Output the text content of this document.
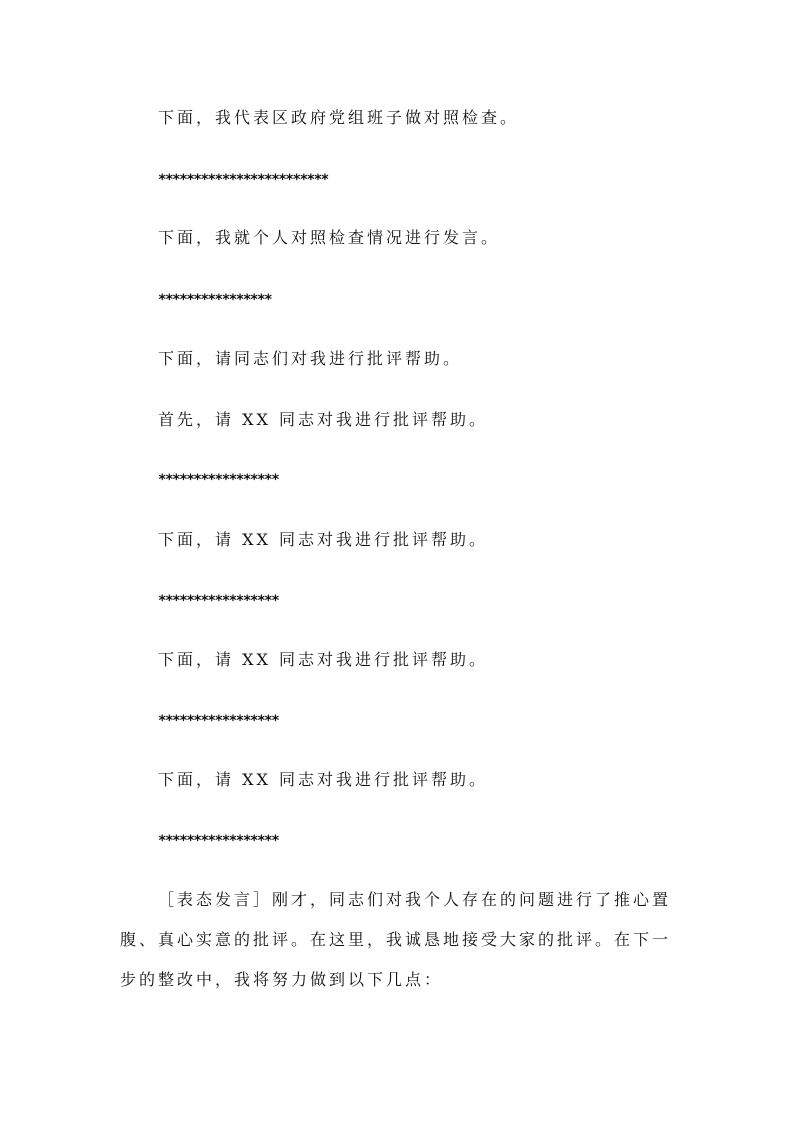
下面，我代表区政府党组班子做对照检查。
************************
下面，我就个人对照检查情况进行发言。
****************
下面，请同志们对我进行批评帮助。
首先，请 XX 同志对我进行批评帮助。
*****************
下面，请 XX 同志对我进行批评帮助。
*****************
下面，请 XX 同志对我进行批评帮助。
*****************
下面，请 XX 同志对我进行批评帮助。
*****************
［表态发言］刚才，同志们对我个人存在的问题进行了推心置腹、真心实意的批评。在这里，我诚恳地接受大家的批评。在下一步的整改中，我将努力做到以下几点：
